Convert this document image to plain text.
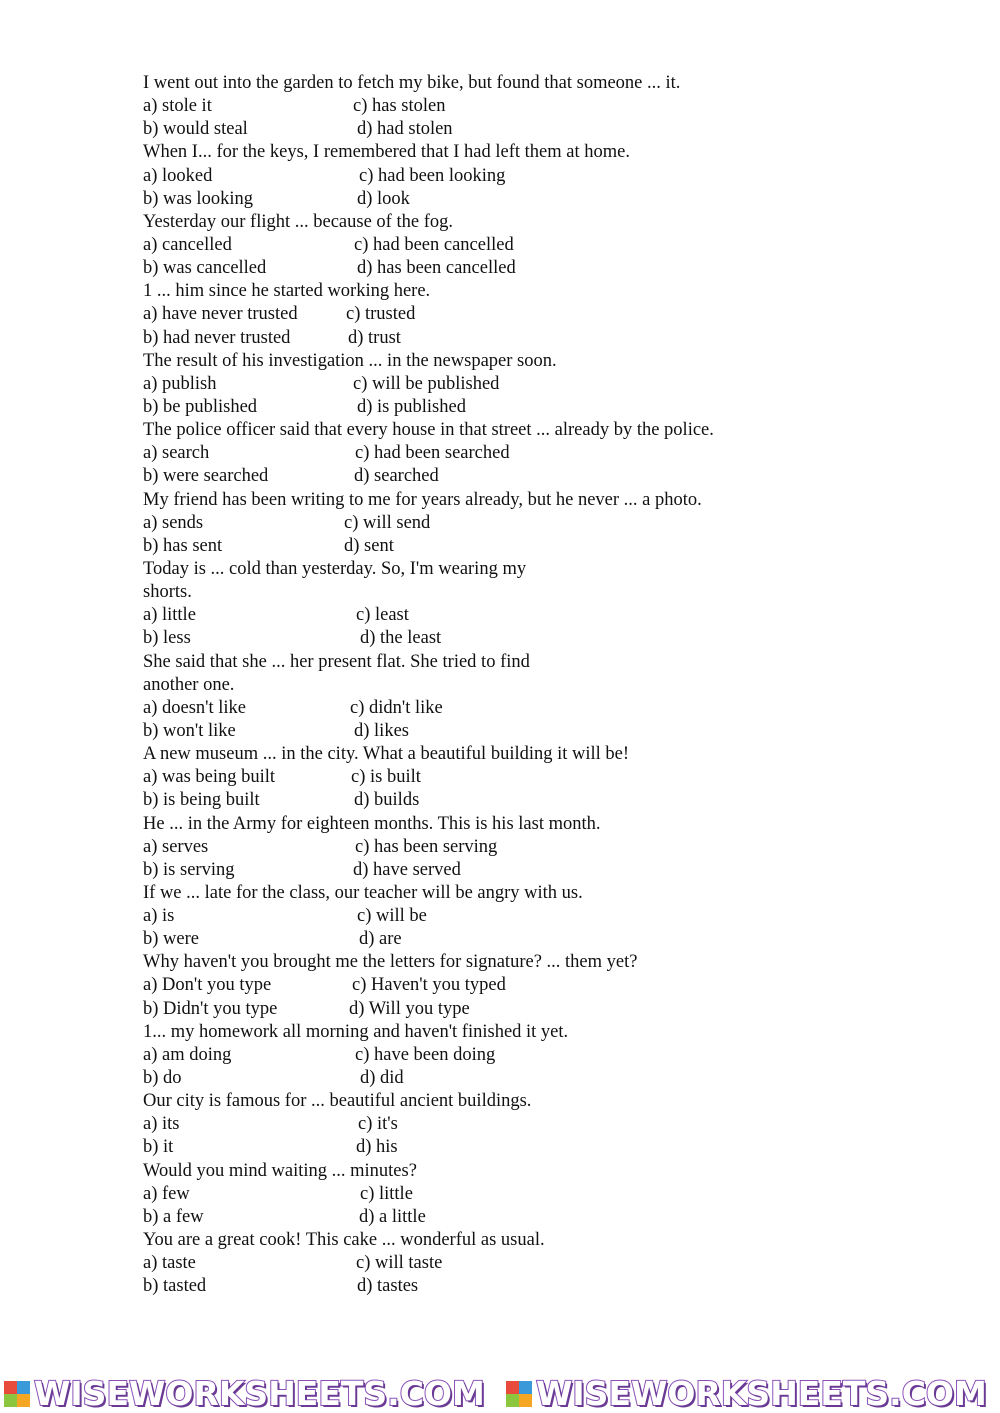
I went out into the garden to fetch my bike, but found that someone ... it.
a) stole it	c) has stolen
b) would steal	d) had stolen
When I... for the keys, I remembered that I had left them at home.
a) looked	c) had been looking
b) was looking	d) look
Yesterday our flight ... because of the fog.
a) cancelled	c) had been cancelled
b) was cancelled	d) has been cancelled
1 ... him since he started working here.
a) have never trusted	c) trusted
b) had never trusted	d) trust
The result of his investigation ... in the newspaper soon.
a) publish	c) will be published
b) be published	d) is published
The police officer said that every house in that street ... already by the police.
a) search	c) had been searched
b) were searched	d) searched
My friend has been writing to me for years already, but he never ... a photo.
a) sends	c) will send
b) has sent	d) sent
Today is ... cold than yesterday. So, I'm wearing my
shorts.
a) little	c) least
b) less	d) the least
She said that she ... her present flat. She tried to find
another one.
a) doesn't like	c) didn't like
b) won't like	d) likes
A new museum ... in the city. What a beautiful building it will be!
a) was being built	c) is built
b) is being built	d) builds
He ... in the Army for eighteen months. This is his last month.
a) serves	c) has been serving
b) is serving	d) have served
If we ... late for the class, our teacher will be angry with us.
a) is	c) will be
b) were	d) are
Why haven't you brought me the letters for signature? ... them yet?
a) Don't you type	c) Haven't you typed
b) Didn't you type	d) Will you type
1... my homework all morning and haven't finished it yet.
a) am doing	c) have been doing
b) do	d) did
Our city is famous for ... beautiful ancient buildings.
a) its	c) it's
b) it	d) his
Would you mind waiting ... minutes?
a) few	c) little
b) a few	d) a little
You are a great cook! This cake ... wonderful as usual.
a) taste	c) will taste
b) tasted	d) tastes
WISEWORKSHEETS.COM WISEWORKSHEETS.COM
